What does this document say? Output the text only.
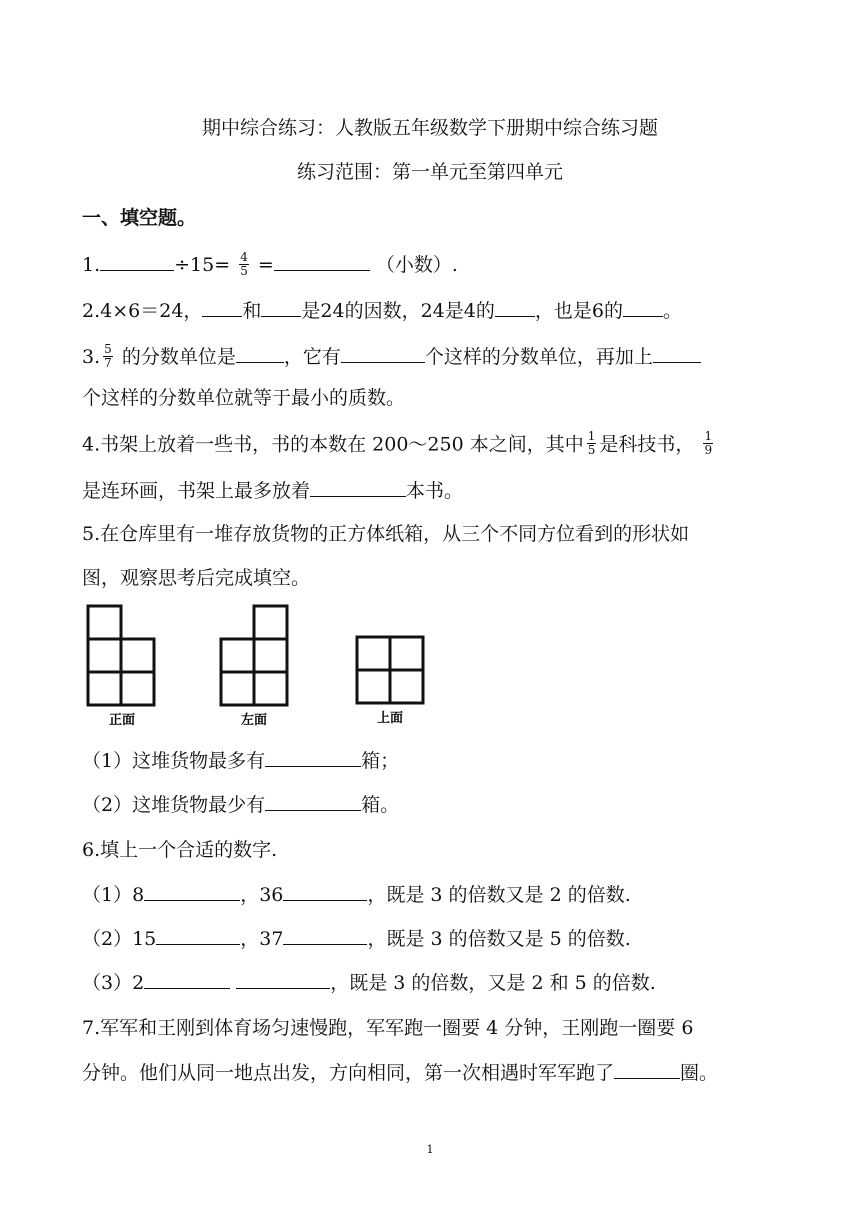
期中综合练习：人教版五年级数学下册期中综合练习题
练习范围：第一单元至第四单元
一、填空题。
1.	$\div 15= \frac{4}{5}$ =	（小数）.
2.4×6＝24， 和 是24的因数，24是4的 ，也是6的 。
3. $\frac{5}{7}$ 的分数单位是	，它有	个这样的分数单位，再加上
个这样的分数单位就等于最小的质数。
4.书架上放着一些书，书的本数在 200～250 本之间，其中 $\frac{1}{5}$ 是科技书， $\frac{1}{9}$
是连环画，书架上最多放着	本书。
5.在仓库里有一堆存放货物的正方体纸箱，从三个不同方位看到的形状如
图，观察思考后完成填空。
正面	左面	上面
（1）这堆货物最多有	箱；
（2）这堆货物最少有	箱。
6.填上一个合适的数字.
（1）8	，36	，既是 3 的倍数又是 2 的倍数.
（2）15	，37	，既是 3 的倍数又是 5 的倍数.
（3）2	，既是 3 的倍数，又是 2 和 5 的倍数.
7.军军和王刚到体育场匀速慢跑，军军跑一圈要 4 分钟，王刚跑一圈要 6
分钟。他们从同一地点出发，方向相同，第一次相遇时军军跑了	圈。
1
